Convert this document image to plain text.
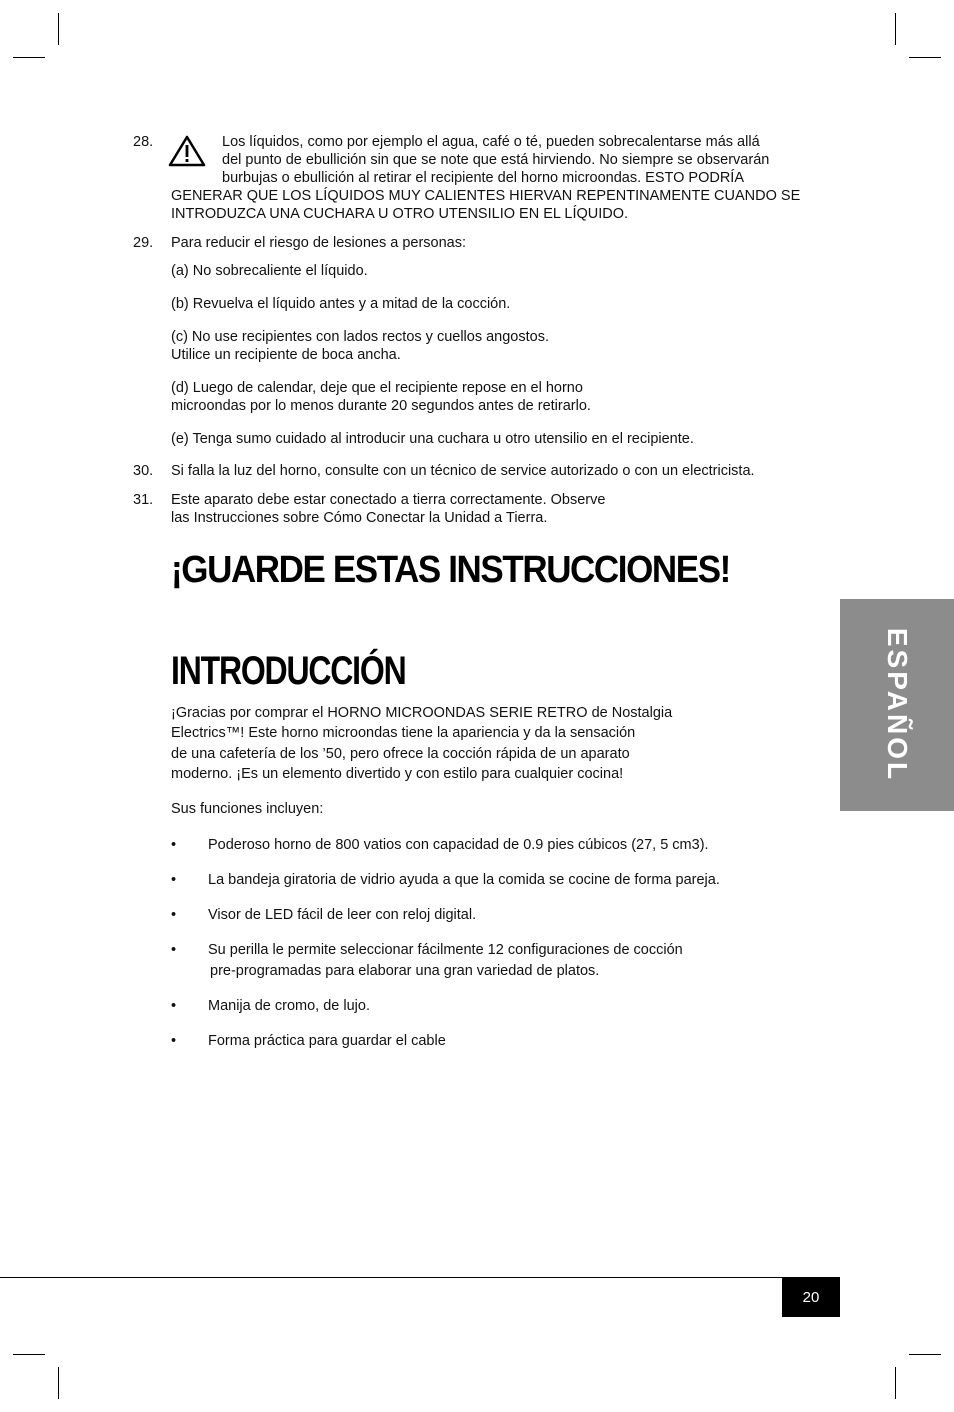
28.	Los líquidos, como por ejemplo el agua, café o té, pueden sobrecalentarse más allá
del punto de ebullición sin que se note que está hirviendo. No siempre se observarán
burbujas o ebullición al retirar el recipiente del horno microondas. ESTO PODRÍA
GENERAR QUE LOS LÍQUIDOS MUY CALIENTES HIERVAN REPENTINAMENTE CUANDO SE
INTRODUZCA UNA CUCHARA U OTRO UTENSILIO EN EL LÍQUIDO.
29. Para reducir el riesgo de lesiones a personas:
(a) No sobrecaliente el líquido.
(b) Revuelva el líquido antes y a mitad de la cocción.
(c) No use recipientes con lados rectos y cuellos angostos.
Utilice un recipiente de boca ancha.
(d) Luego de calendar, deje que el recipiente repose en el horno
microondas por lo menos durante 20 segundos antes de retirarlo.
(e) Tenga sumo cuidado al introducir una cuchara u otro utensilio en el recipiente.
30. Si falla la luz del horno, consulte con un técnico de service autorizado o con un electricista.
31. Este aparato debe estar conectado a tierra correctamente. Observe
las Instrucciones sobre Cómo Conectar la Unidad a Tierra.
¡GUARDE ESTAS INSTRUCCIONES!
INTRODUCCIÓN	ESPAÑOL
¡Gracias por comprar el HORNO MICROONDAS SERIE RETRO de Nostalgia
Electrics™! Este horno microondas tiene la apariencia y da la sensación
de una cafetería de los ’50, pero ofrece la cocción rápida de un aparato
moderno. ¡Es un elemento divertido y con estilo para cualquier cocina!
Sus funciones incluyen:
• Poderoso horno de 800 vatios con capacidad de 0.9 pies cúbicos (27, 5 cm3).
• La bandeja giratoria de vidrio ayuda a que la comida se cocine de forma pareja.
• Visor de LED fácil de leer con reloj digital.
• Su perilla le permite seleccionar fácilmente 12 configuraciones de cocción
pre-programadas para elaborar una gran variedad de platos.
• Manija de cromo, de lujo.
• Forma práctica para guardar el cable
20
